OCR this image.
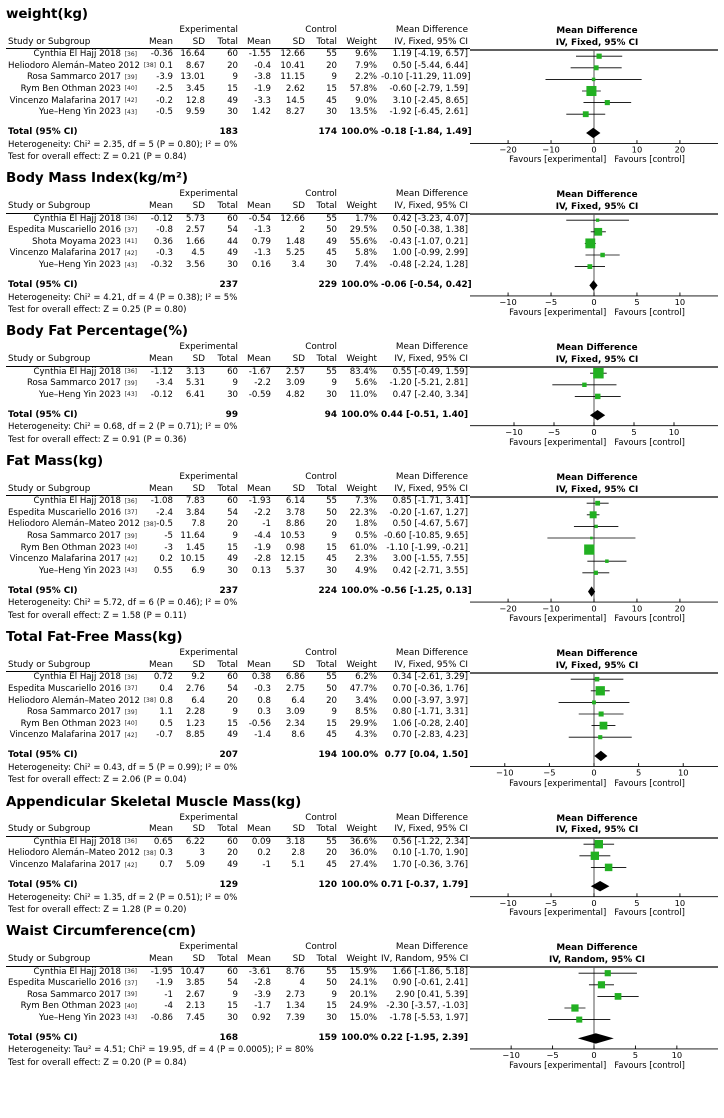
weight(kg)
	Experimental			Control				Mean Difference
Study or Subgroup	Mean	SD	Total	Mean	SD	Total	Weight	IV, Fixed, 95% CI
Cynthia El Hajj 2018 [36]	-0.36	16.64	60	-1.55	12.66	55	9.6%	1.19 [-4.19, 6.57]
Heliodoro Alemán–Mateo 2012 [38]	0.1	8.67	20	-0.4	10.41	20	7.9%	0.50 [-5.44, 6.44]
Rosa Sammarco 2017 [39]	-3.9	13.01	9	-3.8	11.15	9	2.2%	-0.10 [-11.29, 11.09]
Rym Ben Othman 2023 [40]	-2.5	3.45	15	-1.9	2.62	15	57.8%	-0.60 [-2.79, 1.59]
Vincenzo Malafarina 2017 [42]	-0.2	12.8	49	-3.3	14.5	45	9.0%	3.10 [-2.45, 8.65]
Yue–Heng Yin 2023 [43]	-0.5	9.59	30	1.42	8.27	30	13.5%	-1.92 [-6.45, 2.61]

Total (95% CI)			183			174	100.0%	-0.18 [-1.84, 1.49]
Heterogeneity: Chi² = 2.35, df = 5 (P = 0.80); I² = 0%
Test for overall effect: Z = 0.21 (P = 0.84)
Mean Difference
IV, Fixed, 95% CI
−20	−10	0	10	20
Favours [experimental] Favours [control]
Body Mass Index(kg/m²)
	Experimental			Control				Mean Difference
Study or Subgroup	Mean	SD	Total	Mean	SD	Total	Weight	IV, Fixed, 95% CI
Cynthia El Hajj 2018 [36]	-0.12	5.73	60	-0.54	12.66	55	1.7%	0.42 [-3.23, 4.07]
Espedita Muscariello 2016 [37]	-0.8	2.57	54	-1.3	2	50	29.5%	0.50 [-0.38, 1.38]
Shota Moyama 2023 [41]	0.36	1.66	44	0.79	1.48	49	55.6%	-0.43 [-1.07, 0.21]
Vincenzo Malafarina 2017 [42]	-0.3	4.5	49	-1.3	5.25	45	5.8%	1.00 [-0.99, 2.99]
Yue–Heng Yin 2023 [43]	-0.32	3.56	30	0.16	3.4	30	7.4%	-0.48 [-2.24, 1.28]

Total (95% CI)			237			229	100.0%	-0.06 [-0.54, 0.42]
Heterogeneity: Chi² = 4.21, df = 4 (P = 0.38); I² = 5%
Test for overall effect: Z = 0.25 (P = 0.80)
Mean Difference
IV, Fixed, 95% CI
−10	−5	0	5	10
Favours [experimental] Favours [control]
Body Fat Percentage(%)
	Experimental			Control				Mean Difference
Study or Subgroup	Mean	SD	Total	Mean	SD	Total	Weight	IV, Fixed, 95% CI
Cynthia El Hajj 2018 [36]	-1.12	3.13	60	-1.67	2.57	55	83.4%	0.55 [-0.49, 1.59]
Rosa Sammarco 2017 [39]	-3.4	5.31	9	-2.2	3.09	9	5.6%	-1.20 [-5.21, 2.81]
Yue–Heng Yin 2023 [43]	-0.12	6.41	30	-0.59	4.82	30	11.0%	0.47 [-2.40, 3.34]

Total (95% CI)			99			94	100.0%	0.44 [-0.51, 1.40]
Heterogeneity: Chi² = 0.68, df = 2 (P = 0.71); I² = 0%
Test for overall effect: Z = 0.91 (P = 0.36)
Mean Difference
IV, Fixed, 95% CI
−10	−5	0	5	10
Favours [experimental] Favours [control]
Fat Mass(kg)
	Experimental			Control				Mean Difference
Study or Subgroup	Mean	SD	Total	Mean	SD	Total	Weight	IV, Fixed, 95% CI
Cynthia El Hajj 2018 [36]	-1.08	7.83	60	-1.93	6.14	55	7.3%	0.85 [-1.71, 3.41]
Espedita Muscariello 2016 [37]	-2.4	3.84	54	-2.2	3.78	50	22.3%	-0.20 [-1.67, 1.27]
Heliodoro Alemán–Mateo 2012 [38]	-0.5	7.8	20	-1	8.86	20	1.8%	0.50 [-4.67, 5.67]
Rosa Sammarco 2017 [39]	-5	11.64	9	-4.4	10.53	9	0.5%	-0.60 [-10.85, 9.65]
Rym Ben Othman 2023 [40]	-3	1.45	15	-1.9	0.98	15	61.0%	-1.10 [-1.99, -0.21]
Vincenzo Malafarina 2017 [42]	0.2	10.15	49	-2.8	12.15	45	2.3%	3.00 [-1.55, 7.55]
Yue–Heng Yin 2023 [43]	0.55	6.9	30	0.13	5.37	30	4.9%	0.42 [-2.71, 3.55]

Total (95% CI)			237			224	100.0%	-0.56 [-1.25, 0.13]
Heterogeneity: Chi² = 5.72, df = 6 (P = 0.46); I² = 0%
Test for overall effect: Z = 1.58 (P = 0.11)
Mean Difference
IV, Fixed, 95% CI
−20	−10	0	10	20
Favours [experimental] Favours [control]
Total Fat-Free Mass(kg)
	Experimental			Control				Mean Difference
Study or Subgroup	Mean	SD	Total	Mean	SD	Total	Weight	IV, Fixed, 95% CI
Cynthia El Hajj 2018 [36]	0.72	9.2	60	0.38	6.86	55	6.2%	0.34 [-2.61, 3.29]
Espedita Muscariello 2016 [37]	0.4	2.76	54	-0.3	2.75	50	47.7%	0.70 [-0.36, 1.76]
Heliodoro Alemán–Mateo 2012 [38]	0.8	6.4	20	0.8	6.4	20	3.4%	0.00 [-3.97, 3.97]
Rosa Sammarco 2017 [39]	1.1	2.28	9	0.3	3.09	9	8.5%	0.80 [-1.71, 3.31]
Rym Ben Othman 2023 [40]	0.5	1.23	15	-0.56	2.34	15	29.9%	1.06 [-0.28, 2.40]
Vincenzo Malafarina 2017 [42]	-0.7	8.85	49	-1.4	8.6	45	4.3%	0.70 [-2.83, 4.23]

Total (95% CI)			207			194	100.0%	0.77 [0.04, 1.50]
Heterogeneity: Chi² = 0.43, df = 5 (P = 0.99); I² = 0%
Test for overall effect: Z = 2.06 (P = 0.04)
Mean Difference
IV, Fixed, 95% CI
−10	−5	0	5	10
Favours [experimental] Favours [control]
Appendicular Skeletal Muscle Mass(kg)
	Experimental			Control				Mean Difference
Study or Subgroup	Mean	SD	Total	Mean	SD	Total	Weight	IV, Fixed, 95% CI
Cynthia El Hajj 2018 [36]	0.65	6.22	60	0.09	3.18	55	36.6%	0.56 [-1.22, 2.34]
Heliodoro Alemán–Mateo 2012 [38]	0.3	3	20	0.2	2.8	20	36.0%	0.10 [-1.70, 1.90]
Vincenzo Malafarina 2017 [42]	0.7	5.09	49	-1	5.1	45	27.4%	1.70 [-0.36, 3.76]

Total (95% CI)			129			120	100.0%	0.71 [-0.37, 1.79]
Heterogeneity: Chi² = 1.35, df = 2 (P = 0.51); I² = 0%
Test for overall effect: Z = 1.28 (P = 0.20)
Mean Difference
IV, Fixed, 95% CI
−10	−5	0	5	10
Favours [experimental] Favours [control]
Waist Circumference(cm)
	Experimental			Control				Mean Difference
Study or Subgroup	Mean	SD	Total	Mean	SD	Total	Weight	IV, Random, 95% CI
Cynthia El Hajj 2018 [36]	-1.95	10.47	60	-3.61	8.76	55	15.9%	1.66 [-1.86, 5.18]
Espedita Muscariello 2016 [37]	-1.9	3.85	54	-2.8	4	50	24.1%	0.90 [-0.61, 2.41]
Rosa Sammarco 2017 [39]	-1	2.67	9	-3.9	2.73	9	20.1%	2.90 [0.41, 5.39]
Rym Ben Othman 2023 [40]	-4	2.13	15	-1.7	1.34	15	24.9%	-2.30 [-3.57, -1.03]
Yue–Heng Yin 2023 [43]	-0.86	7.45	30	0.92	7.39	30	15.0%	-1.78 [-5.53, 1.97]

Total (95% CI)			168			159	100.0%	0.22 [-1.95, 2.39]
Heterogeneity: Tau² = 4.51; Chi² = 19.95, df = 4 (P = 0.0005); I² = 80%
Test for overall effect: Z = 0.20 (P = 0.84)
Mean Difference
IV, Random, 95% CI
−10	−5	0	5	10
Favours [experimental] Favours [control]
